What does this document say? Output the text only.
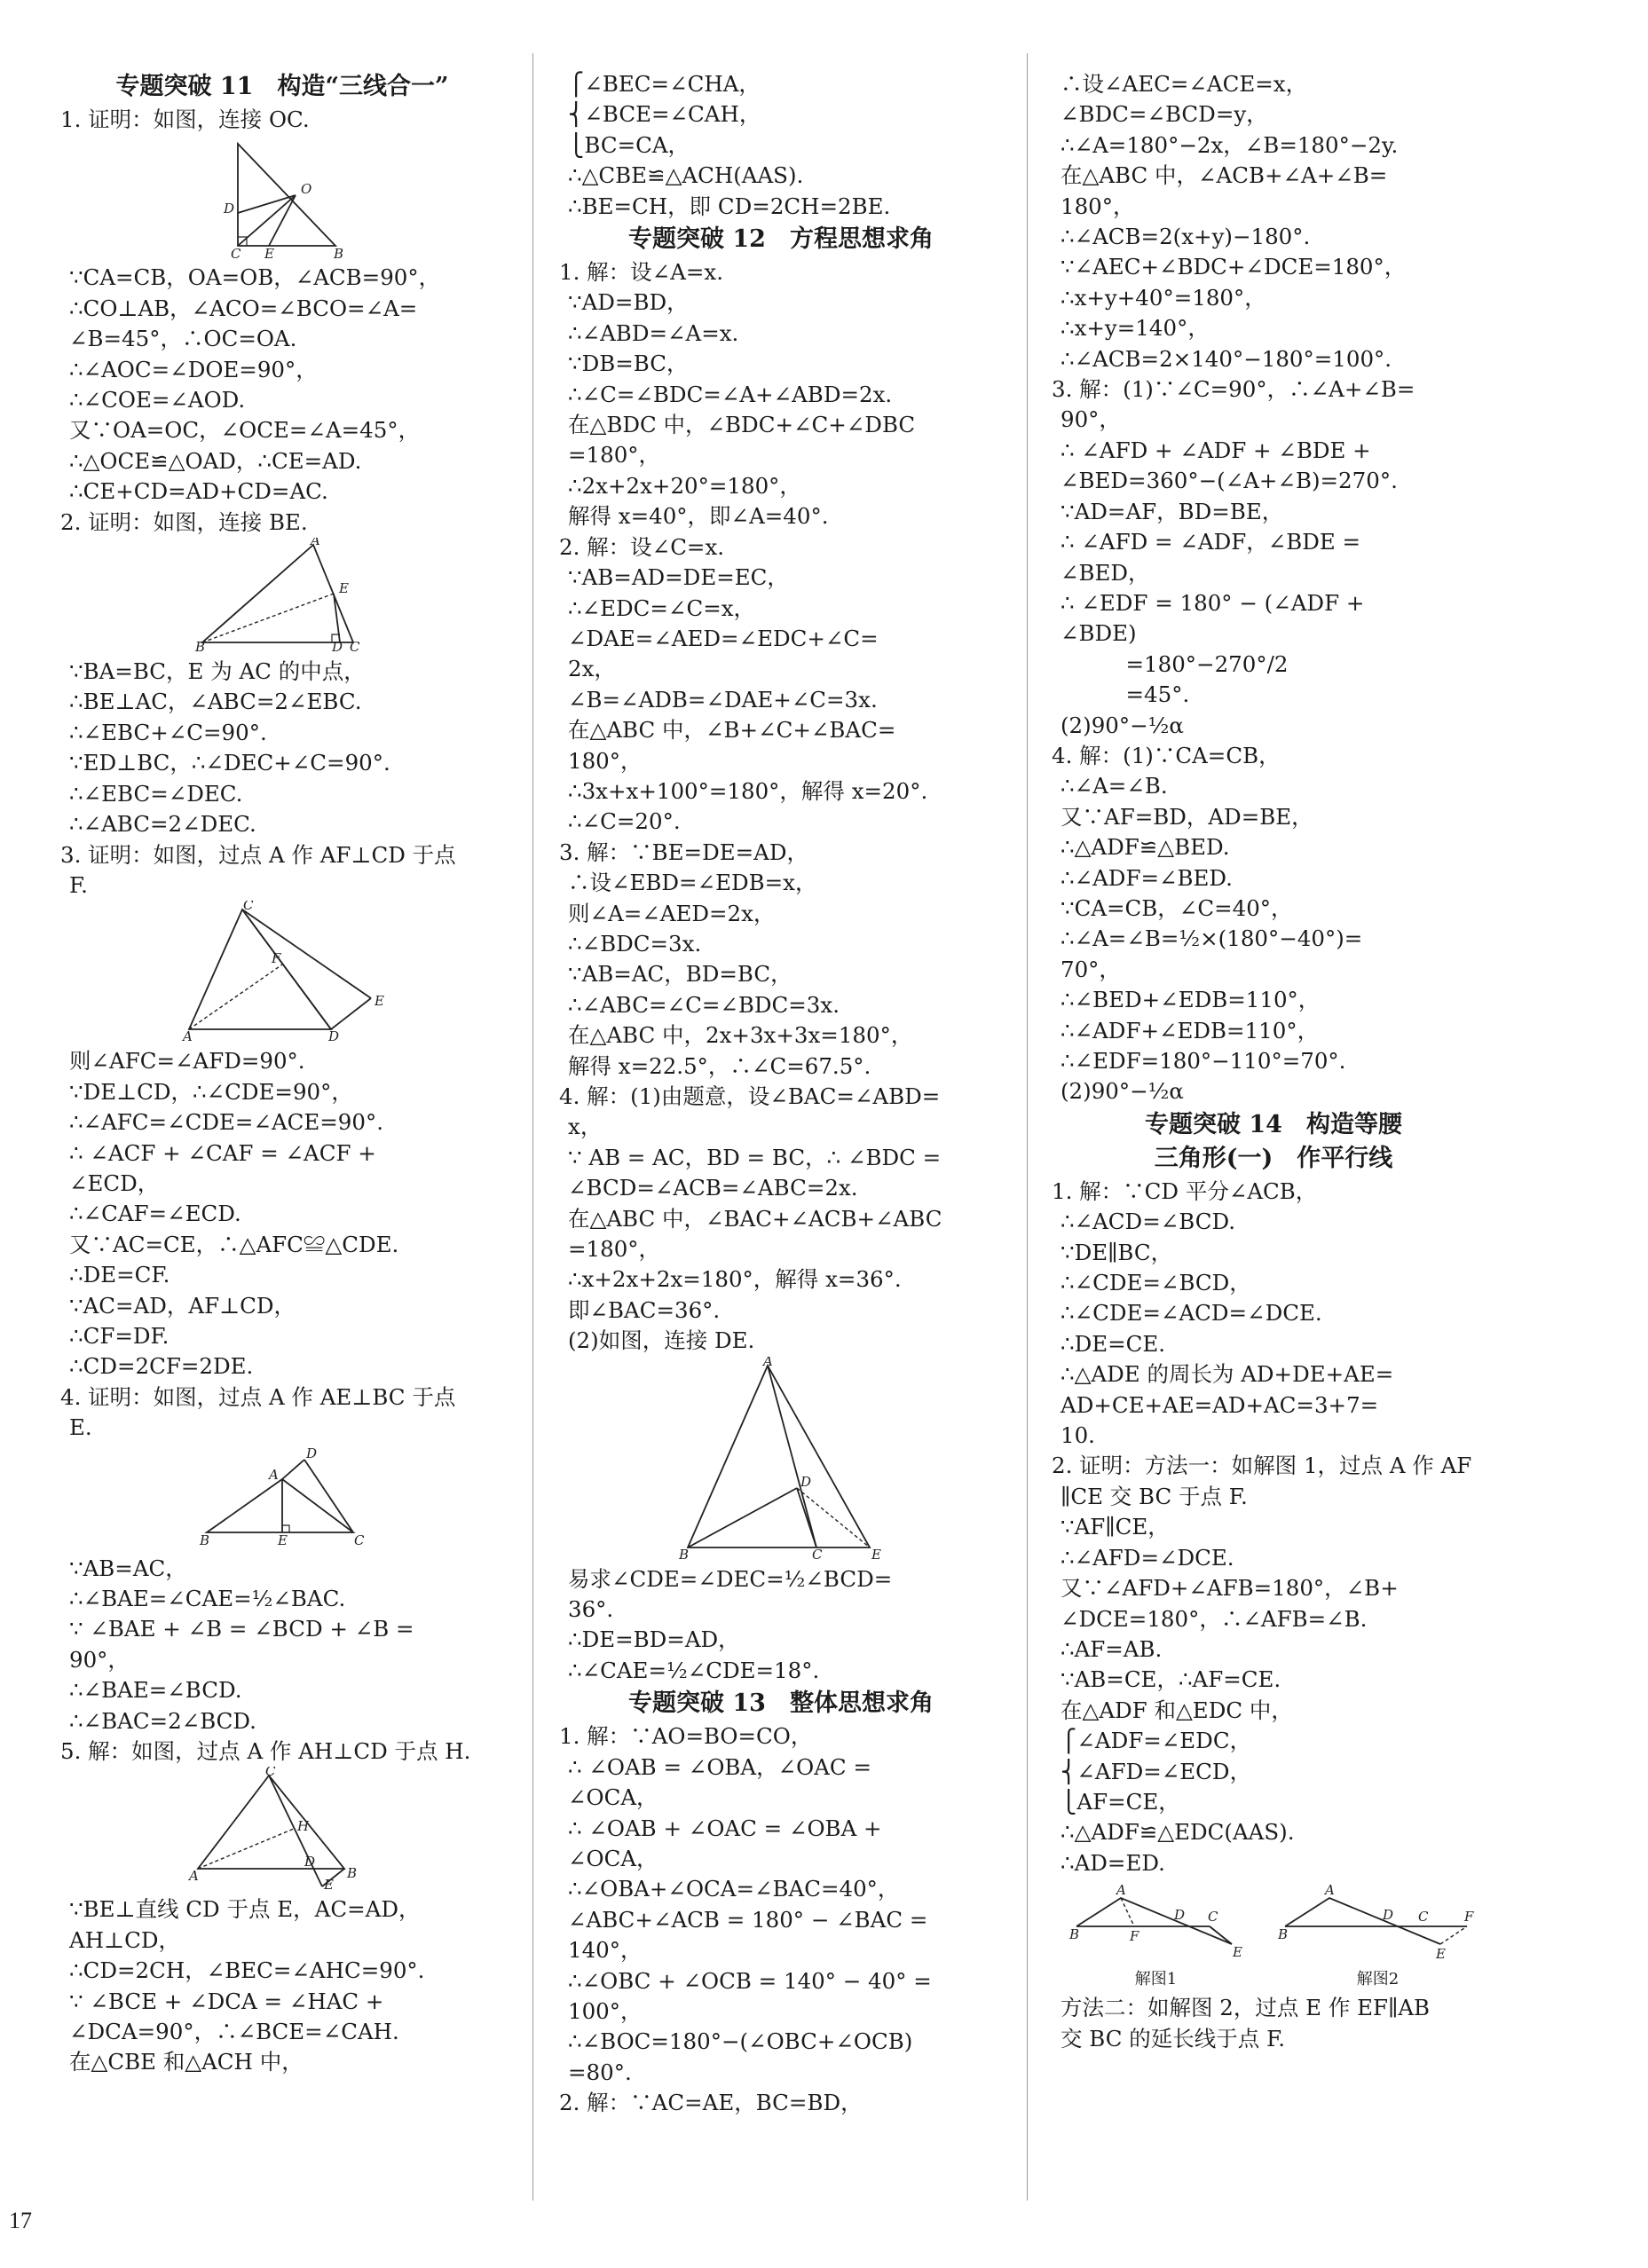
专题突破 11　构造“三线合一”
1. 证明：如图，连接 OC.
D
O
C E	B
∵CA=CB，OA=OB，∠ACB=90°，
∴CO⊥AB，∠ACO=∠BCO=∠A=
∠B=45°，∴OC=OA.
∴∠AOC=∠DOE=90°，
∴∠COE=∠AOD.
又∵OA=OC，∠OCE=∠A=45°，
∴△OCE≌△OAD，∴CE=AD.
∴CE+CD=AD+CD=AC.
2. 证明：如图，连接 BE.
A
E
B	D C
∵BA=BC，E 为 AC 的中点，
∴BE⊥AC，∠ABC=2∠EBC.
∴∠EBC+∠C=90°.
∵ED⊥BC，∴∠DEC+∠C=90°.
∴∠EBC=∠DEC.
∴∠ABC=2∠DEC.
3. 证明：如图，过点 A 作 AF⊥CD 于点
F.
C
F
E
A	D
则∠AFC=∠AFD=90°.
∵DE⊥CD，∴∠CDE=90°，
∴∠AFC=∠CDE=∠ACE=90°.
∴ ∠ACF + ∠CAF = ∠ACF +
∠ECD，
∴∠CAF=∠ECD.
又∵AC=CE，∴△AFC≌△CDE.
∴DE=CF.
∵AC=AD，AF⊥CD，
∴CF=DF.
∴CD=2CF=2DE.
4. 证明：如图，过点 A 作 AE⊥BC 于点
E.
D
A
B	E	C
∵AB=AC，
∴∠BAE=∠CAE=½∠BAC.
∵ ∠BAE + ∠B = ∠BCD + ∠B =
90°，
∴∠BAE=∠BCD.
∴∠BAC=2∠BCD.
5. 解：如图，过点 A 作 AH⊥CD 于点 H.
C
H
A
D
B
E
∵BE⊥直线 CD 于点 E，AC=AD，
AH⊥CD，
∴CD=2CH，∠BEC=∠AHC=90°.
∵ ∠BCE + ∠DCA = ∠HAC +
∠DCA=90°，∴∠BCE=∠CAH.
在△CBE 和△ACH 中，
⎧∠BEC=∠CHA，
⎨∠BCE=∠CAH，
⎩BC=CA，
∴△CBE≌△ACH(AAS).
∴BE=CH，即 CD=2CH=2BE.
专题突破 12　方程思想求角
1. 解：设∠A=x.
∵AD=BD，
∴∠ABD=∠A=x.
∵DB=BC，
∴∠C=∠BDC=∠A+∠ABD=2x.
在△BDC 中，∠BDC+∠C+∠DBC
=180°，
∴2x+2x+20°=180°，
解得 x=40°，即∠A=40°.
2. 解：设∠C=x.
∵AB=AD=DE=EC，
∴∠EDC=∠C=x，
∠DAE=∠AED=∠EDC+∠C=
2x，
∠B=∠ADB=∠DAE+∠C=3x.
在△ABC 中，∠B+∠C+∠BAC=
180°，
∴3x+x+100°=180°，解得 x=20°.
∴∠C=20°.
3. 解：∵BE=DE=AD，
∴设∠EBD=∠EDB=x，
则∠A=∠AED=2x，
∴∠BDC=3x.
∵AB=AC，BD=BC，
∴∠ABC=∠C=∠BDC=3x.
在△ABC 中，2x+3x+3x=180°，
解得 x=22.5°，∴∠C=67.5°.
4. 解：(1)由题意，设∠BAC=∠ABD=
x，
∵ AB = AC，BD = BC，∴ ∠BDC =
∠BCD=∠ACB=∠ABC=2x.
在△ABC 中，∠BAC+∠ACB+∠ABC
=180°，
∴x+2x+2x=180°，解得 x=36°.
即∠BAC=36°.
(2)如图，连接 DE.
A
D
B	C	E
易求∠CDE=∠DEC=½∠BCD=
36°.
∴DE=BD=AD，
∴∠CAE=½∠CDE=18°.
专题突破 13　整体思想求角
1. 解：∵AO=BO=CO，
∴ ∠OAB = ∠OBA，∠OAC =
∠OCA，
∴ ∠OAB + ∠OAC = ∠OBA +
∠OCA，
∴∠OBA+∠OCA=∠BAC=40°，
∠ABC+∠ACB = 180° − ∠BAC =
140°，
∴∠OBC + ∠OCB = 140° − 40° =
100°，
∴∠BOC=180°−(∠OBC+∠OCB)
=80°.
2. 解：∵AC=AE，BC=BD，
∴设∠AEC=∠ACE=x，
∠BDC=∠BCD=y，
∴∠A=180°−2x，∠B=180°−2y.
在△ABC 中，∠ACB+∠A+∠B=
180°，
∴∠ACB=2(x+y)−180°.
∵∠AEC+∠BDC+∠DCE=180°，
∴x+y+40°=180°，
∴x+y=140°，
∴∠ACB=2×140°−180°=100°.
3. 解：(1)∵∠C=90°，∴∠A+∠B=
90°，
∴ ∠AFD + ∠ADF + ∠BDE +
∠BED=360°−(∠A+∠B)=270°.
∵AD=AF，BD=BE，
∴ ∠AFD = ∠ADF，∠BDE =
∠BED，
∴ ∠EDF = 180° − (∠ADF +
∠BDE)
　　　=180°−270°/2
　　　=45°.
(2)90°−½α
4. 解：(1)∵CA=CB，
∴∠A=∠B.
又∵AF=BD，AD=BE，
∴△ADF≌△BED.
∴∠ADF=∠BED.
∵CA=CB，∠C=40°，
∴∠A=∠B=½×(180°−40°)=
70°，
∴∠BED+∠EDB=110°，
∴∠ADF+∠EDB=110°，
∴∠EDF=180°−110°=70°.
(2)90°−½α
专题突破 14　构造等腰
三角形(一)　作平行线
1. 解：∵CD 平分∠ACB，
∴∠ACD=∠BCD.
∵DE∥BC，
∴∠CDE=∠BCD，
∴∠CDE=∠ACD=∠DCE.
∴DE=CE.
∴△ADE 的周长为 AD+DE+AE=
AD+CE+AE=AD+AC=3+7=
10.
2. 证明：方法一：如解图 1，过点 A 作 AF
∥CE 交 BC 于点 F.
∵AF∥CE，
∴∠AFD=∠DCE.
又∵∠AFD+∠AFB=180°，∠B+
∠DCE=180°，∴∠AFB=∠B.
∴AF=AB.
∵AB=CE，∴AF=CE.
在△ADF 和△EDC 中，
⎧∠ADF=∠EDC，
⎨∠AFD=∠ECD，
⎩AF=CE，
∴△ADF≌△EDC(AAS).
∴AD=ED.
A
D C
B	F
E
解图1
A
D C	F
B
E
解图2
方法二：如解图 2，过点 E 作 EF∥AB
交 BC 的延长线于点 F.
17
